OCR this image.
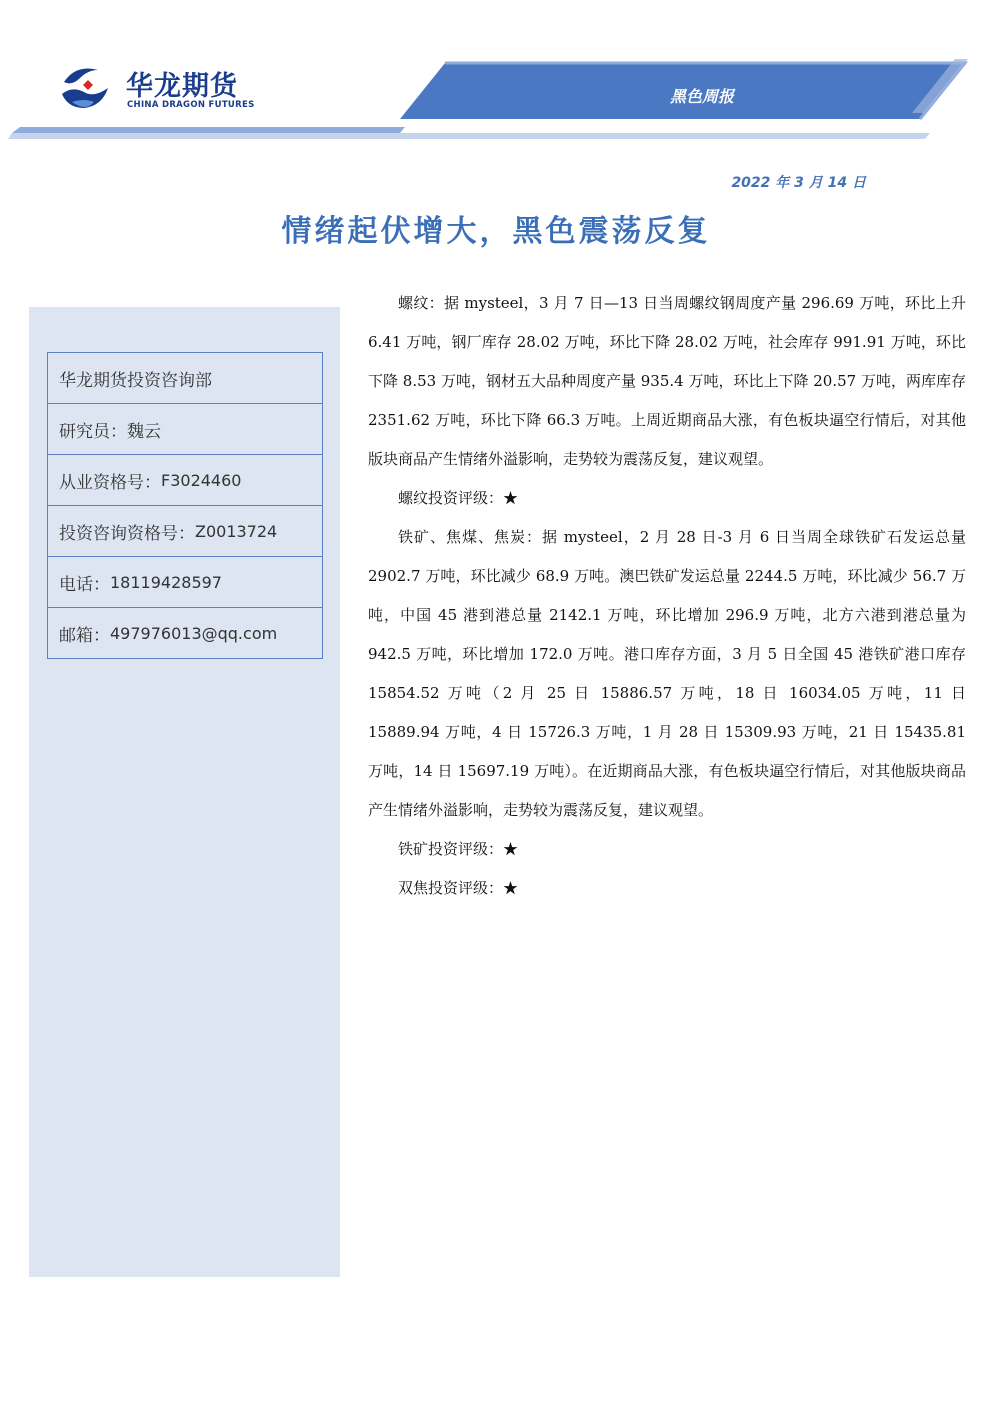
华龙期货
CHINA DRAGON FUTURES	黑色周报
2022 年 3 月 14 日
情绪起伏增大，黑色震荡反复
华龙期货投资咨询部
研究员：魏云
从业资格号： F3024460
投资咨询资格号： Z0013724
电话： 18119428597
邮箱： 497976013@qq.com

螺纹：据 mysteel，3 月 7 日—13 日当周螺纹钢周度产量 296.69 万吨，环比上升 6.41 万吨，钢厂库存 28.02 万吨，环比下降 28.02 万吨，社会库存 991.91 万吨，环比下降 8.53 万吨，钢材五大品种周度产量 935.4 万吨，环比上下降 20.57 万吨，两库库存 2351.62 万吨，环比下降 66.3 万吨。上周近期商品大涨，有色板块逼空行情后，对其他版块商品产生情绪外溢影响，走势较为震荡反复，建议观望。

螺纹投资评级：★

铁矿、焦煤、焦炭：据 mysteel，2 月 28 日-3 月 6 日当周全球铁矿石发运总量 2902.7 万吨，环比减少 68.9 万吨。澳巴铁矿发运总量 2244.5 万吨，环比减少 56.7 万吨，中国 45 港到港总量 2142.1 万吨，环比增加 296.9 万吨，北方六港到港总量为 942.5 万吨，环比增加 172.0 万吨。港口库存方面，3 月 5 日全国 45 港铁矿港口库存 15854.52 万吨（2 月 25 日 15886.57 万吨，18 日 16034.05 万吨，11 日 15889.94 万吨，4 日 15726.3 万吨，1 月 28 日 15309.93 万吨，21 日 15435.81 万吨，14 日 15697.19 万吨）。在近期商品大涨，有色板块逼空行情后，对其他版块商品产生情绪外溢影响，走势较为震荡反复，建议观望。

铁矿投资评级：★

双焦投资评级：★
